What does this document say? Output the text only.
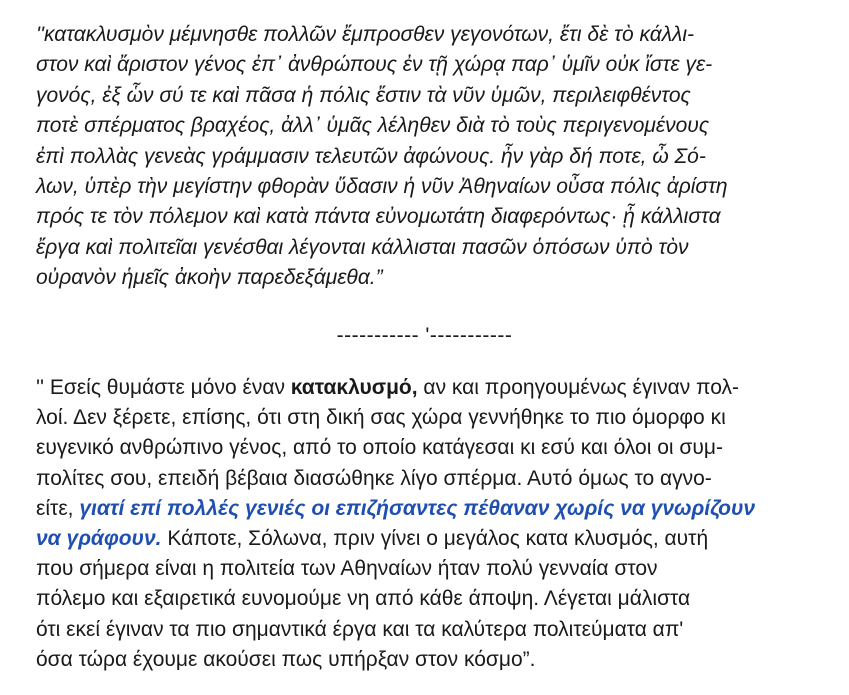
''κατακλυσμὸν μέμνησθε πολλῶν ἔμπροσθεν γεγονότων, ἔτι δὲ τὸ κάλλι-
στον καὶ ἄριστον γένος ἐπ᾽ ἀνθρώπους ἐν τῇ χώρᾳ παρ᾽ ὑμῖν οὐκ ἴστε γε-
γονός, ἐξ ὧν σύ τε καὶ πᾶσα ἡ πόλις ἔστιν τὰ νῦν ὑμῶν, περιλειφθέντος
ποτὲ σπέρματος βραχέος, ἀλλ᾽ ὑμᾶς λέληθεν διὰ τὸ τοὺς περιγενομένους
ἐπὶ πολλὰς γενεὰς γράμμασιν τελευτῶν ἀφώνους. ἦν γὰρ δή ποτε, ὦ Σό-
λων, ὑπὲρ τὴν μεγίστην φθορὰν ὕδασιν ἡ νῦν Ἀθηναίων οὖσα πόλις ἀρίστη
πρός τε τὸν πόλεμον καὶ κατὰ πάντα εὐνομωτάτη διαφερόντως· ᾗ κάλλιστα
ἔργα καὶ πολιτεῖαι γενέσθαι λέγονται κάλλισται πασῶν ὁπόσων ὑπὸ τὸν
οὐρανὸν ἡμεῖς ἀκοὴν παρεδεξάμεθα.”
----------- '-----------
'' Εσείς θυμάστε μόνο έναν κατακλυσμό, αν και προηγουμένως έγιναν πολ-
λοί. Δεν ξέρετε, επίσης, ότι στη δική σας χώρα γεννήθηκε το πιο όμορφο κι
ευγενικό ανθρώπινο γένος, από το οποίο κατάγεσαι κι εσύ και όλοι οι συμ-
πολίτες σου, επειδή βέβαια διασώθηκε λίγο σπέρμα. Αυτό όμως το αγνο-
είτε, γιατί επί πολλές γενιές οι επιζήσαντες πέθαναν χωρίς να γνωρίζουν
να γράφουν. Κάποτε, Σόλωνα, πριν γίνει ο μεγάλος κατα κλυσμός, αυτή
που σήμερα είναι η πολιτεία των Αθηναίων ήταν πολύ γενναία στον
πόλεμο και εξαιρετικά ευνομούμε νη από κάθε άποψη. Λέγεται μάλιστα
ότι εκεί έγιναν τα πιο σημαντικά έργα και τα καλύτερα πολιτεύματα απ'
όσα τώρα έχουμε ακούσει πως υπήρξαν στον κόσμο”.
